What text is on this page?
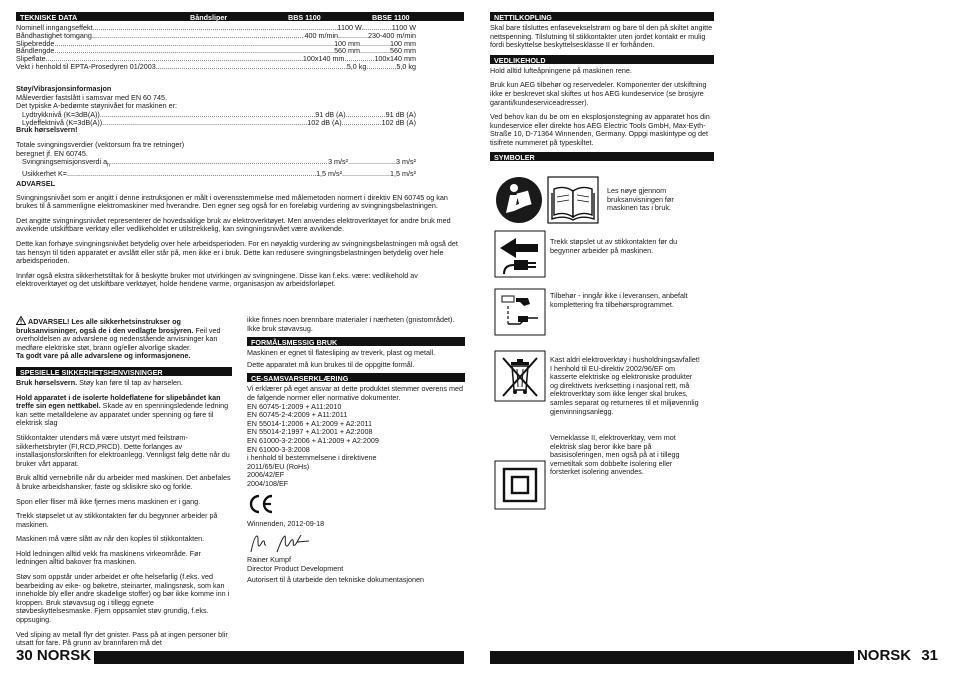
TEKNISKE DATA	Båndsliper	BBS 1100	BBSE 1100
Nominell inngangseffekt .....	1100 W .....	1100 W
Båndhastighet tomgang .....	400 m/min .....	230-400 m/min
Slipebredde .....	100 mm .....	100 mm
Båndlengde .....	560 mm .....	560 mm
Slipeflate .....	100x140 mm .....	100x140 mm
Vekt i henhold til EPTA-Prosedyren 01/2003 .....	5,0 kg .....	5,0 kg

Støy/Vibrasjonsinformasjon

Måleverdier fastslått i samsvar med EN 60 745.

Det typiske A-bedømte støynivået for maskinen er:

Lydtrykknivå (K=3dB(A)) .....	91 dB (A) .....	91 dB (A)
Lydeffektnivå (K=3dB(A)) .....	102 dB (A) .....	102 dB (A)

Bruk hørselsvern!

Totale svingningsverdier (vektorsum fra tre retninger)

beregnet jf. EN 60745.

Svingningsemisjonsverdi $a_h$ .....	3 m/s² .....	3 m/s²
Usikkerhet K= .....	1,5 m/s² .....	1,5 m/s²

ADVARSEL

Svingningsnivået som er angitt i denne instruksjonen er målt i overensstemmelse med målemetoden normert i direktiv EN 60745 og kan brukes til å sammenligne elektromaskiner med hverandre. Den egner seg også for en foreløbig vurdering av svingningsbelastningen.

Det angitte svingningsnivået representerer de hovedsaklige bruk av elektroverktøyet. Men anvendes elektroverktøyet for andre bruk med avvikende utskiftbare verktøy eller vedlikeholdet er utilstrekkelig, kan svingningsnivået være avvikende.

Dette kan forhøye svingningsnivået betydelig over hele arbeidsperioden. For en nøyaktig vurdering av svingningsbelastningen må også det tas hensyn til tiden apparatet er avslått eller står på, men ikke er i bruk. Dette kan redusere svingningsbelastningen betydelig over hele arbeidsperioden.

Innfør også ekstra sikkerhetstiltak for å beskytte bruker mot utvirkingen av svingningene. Disse kan f.eks. være: vedlikehold av elektroverktøyet og det utskiftbare verktøyet, holde hendene varme, organisasjon av arbeidsforløpet.

ADVARSEL! Les alle sikkerhetsinstrukser og bruksanvisninger, også de i den vedlagte brosjyren. Feil ved overholdelsen av advarslene og nedenstående anvisninger kan medføre elektriske støt, brann og/eller alvorlige skader.
Ta godt vare på alle advarslene og informasjonene.

SPESIELLE SIKKERHETSHENVISNINGER

Bruk hørselsvern. Støy kan føre til tap av hørselen.

Hold apparatet i de isolerte holdeflatene for slipebåndet kan treffe sin egen nettkabel. Skade av en spenningsledende ledning kan sette metalldelene av apparatet under spenning og føre til elektrisk slag

Stikkontakter utendørs må være utstyrt med feilstrøm-sikkerhetsbryter (FI,RCD,PRCD). Dette forlanges av installasjonsforskriften for elektroanlegg. Vennligst følg dette når du bruker vårt apparat.

Bruk alltid vernebrille når du arbeider med maskinen. Det anbefales å bruke arbeidshansker, faste og sklisikre sko og forkle.

Spon eller fliser må ikke fjernes mens maskinen er i gang.

Trekk støpselet ut av stikkontakten før du begynner arbeider på maskinen.

Maskinen må være slått av når den koples til stikkontakten.

Hold ledningen alltid vekk fra maskinens virkeområde. Før ledningen alltid bakover fra maskinen.

Støv som oppstår under arbeidet er ofte helsefarlig (f.eks. ved bearbeiding av eike- og bøketre, steinarter, malingsrøsk, som kan inneholde bly eller andre skadelige stoffer) og bør ikke komme inn i kroppen. Bruk støvavsug og i tillegg egnete støvbeskyttelsesmaske. Fjern oppsamlet støv grundig, f.eks. oppsuging.

Ved sliping av metall flyr det gnister. Pass på at ingen personer blir utsatt for fare. På grunn av brannfaren må det

ikke finnes noen brennbare materialer i nærheten (gnistområdet). Ikke bruk støvavsug.

FORMÅLSMESSIG BRUK

Maskinen er egnet til flatesliping av treverk, plast og metall.

Dette apparatet må kun brukes til de oppgitte formål.

CE-SAMSVARSERKLÆRING

Vi erklærer på eget ansvar at dette produktet stemmer overens med de følgende normer eller normative dokumenter.

EN 60745-1:2009 + A11:2010

EN 60745-2-4:2009 + A11:2011

EN 55014-1:2006 + A1:2009 + A2:2011

EN 55014-2:1997 + A1:2001 + A2:2008

EN 61000-3-2:2006 + A1:2009 + A2:2009

EN 61000-3-3:2008

i henhold til bestemmelsene i direktivene

2011/65/EU (RoHs)

2006/42/EF

2004/108/EF

Winnenden, 2012-09-18

Rainer Kumpf

Director Product Development

Autorisert til å utarbeide den tekniske dokumentasjonen

30 NORSK
NETTILKOPLING

Skal bare tilsluttes enfasevekselstrøm og bare til den på skiltet angitte nettspenning. Tilslutning til stikkontakter uten jordet kontakt er mulig fordi beskyttelse beskyttelsesklasse II er forhånden.

VEDLIKEHOLD

Hold alltid lufteåpningene på maskinen rene.

Bruk kun AEG tilbehør og reservedeler. Komponenter der utskiftning ikke er beskrevet skal skiftes ut hos AEG kundeservice (se brosjyre garanti/kundeserviceadresser).

Ved behov kan du be om en eksplosjonstegning av apparatet hos din kundeservice eller direkte hos AEG Electric Tools GmbH, Max-Eyth-Straße 10, D-71364 Winnenden, Germany. Oppgi maskintype og det tisifrete nummeret på typeskiltet.

SYMBOLER

Les nøye gjennom bruksanvisningen før maskinen tas i bruk.

Trekk støpslet ut av stikkontakten før du begynner arbeider på maskinen.

Tilbehør - inngår ikke i leveransen, anbefalt komplettering fra tilbehørsprogrammet.

Kast aldri elektroverktøy i husholdningsavfallet! I henhold til EU-direktiv 2002/96/EF om kasserte elektriske og elektroniske produkter og direktivets iverksetting i nasjonal rett, må elektroverktøy som ikke lenger skal brukes, samles separat og returneres til et miljøvennlig gjenvinningsanlegg.

Verneklasse II, elektroverktøy, vern mot elektrisk slag beror ikke bare på basisisoleringen, men også på at i tillegg vernetiltak som dobbelte isolering eller forsterket isolering anvendes.

NORSK 31
